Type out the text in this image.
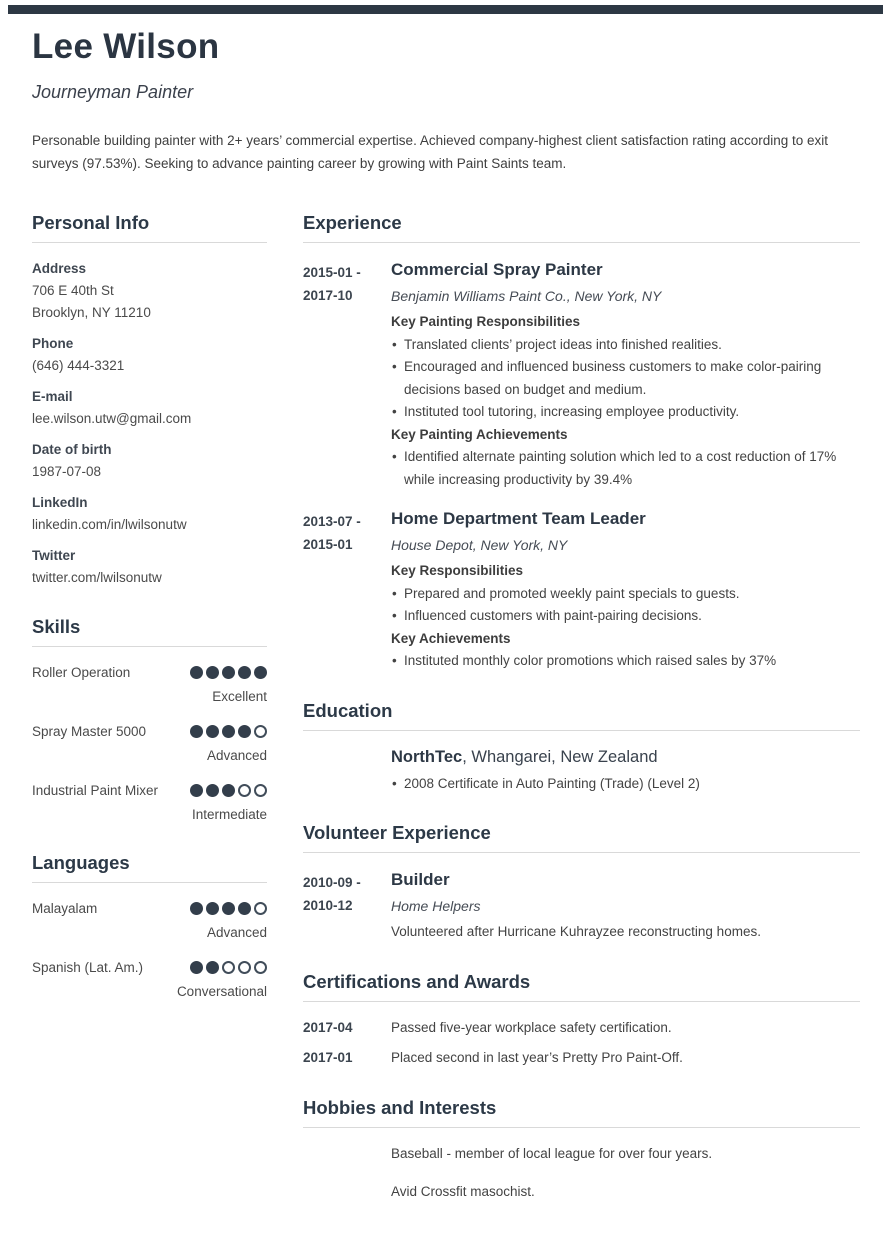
Lee Wilson
Journeyman Painter
Personable building painter with 2+ years’ commercial expertise. Achieved company-highest client satisfaction rating according to exit surveys (97.53%). Seeking to advance painting career by growing with Paint Saints team.
Personal Info
Address
706 E 40th St
Brooklyn, NY 11210
Phone
(646) 444-3321
E-mail
lee.wilson.utw@gmail.com
Date of birth
1987-07-08
LinkedIn
linkedin.com/in/lwilsonutw
Twitter
twitter.com/lwilsonutw
Skills
Roller Operation
Excellent
Spray Master 5000
Advanced
Industrial Paint Mixer
Intermediate
Languages
Malayalam
Advanced
Spanish (Lat. Am.)
Conversational
Experience
2015-01 -
2017-10
Commercial Spray Painter
Benjamin Williams Paint Co., New York, NY
Key Painting Responsibilities
• Translated clients’ project ideas into finished realities.
• Encouraged and influenced business customers to make color-pairing decisions based on budget and medium.
• Instituted tool tutoring, increasing employee productivity.
Key Painting Achievements
• Identified alternate painting solution which led to a cost reduction of 17% while increasing productivity by 39.4%
2013-07 -
2015-01
Home Department Team Leader
House Depot, New York, NY
Key Responsibilities
• Prepared and promoted weekly paint specials to guests.
• Influenced customers with paint-pairing decisions.
Key Achievements
• Instituted monthly color promotions which raised sales by 37%
Education
NorthTec, Whangarei, New Zealand
• 2008 Certificate in Auto Painting (Trade) (Level 2)
Volunteer Experience
2010-09 -
2010-12
Builder
Home Helpers
Volunteered after Hurricane Kuhrayzee reconstructing homes.
Certifications and Awards
2017-04	Passed five-year workplace safety certification.
2017-01	Placed second in last year’s Pretty Pro Paint-Off.
Hobbies and Interests
Baseball - member of local league for over four years.
Avid Crossfit masochist.
